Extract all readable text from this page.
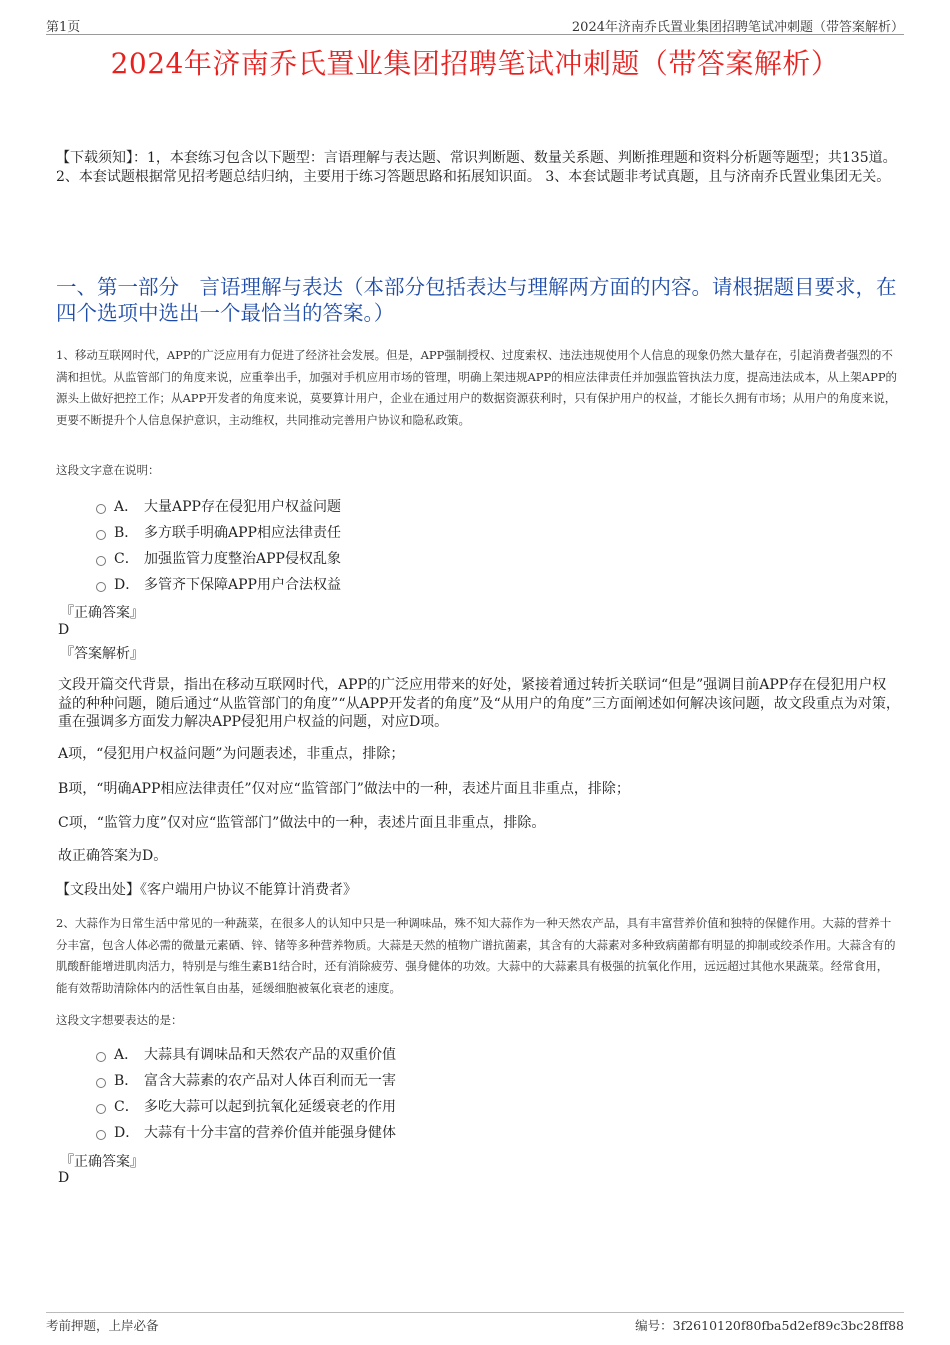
第1页	2024年济南乔氏置业集团招聘笔试冲刺题（带答案解析）
2024年济南乔氏置业集团招聘笔试冲刺题（带答案解析）
【下载须知】：1，本套练习包含以下题型：言语理解与表达题、常识判断题、数量关系题、判断推理题和资料分析题等题型；共135道。 2、本套试题根据常见招考题总结归纳，主要用于练习答题思路和拓展知识面。 3、本套试题非考试真题，且与济南乔氏置业集团无关。
一、第一部分　言语理解与表达（本部分包括表达与理解两方面的内容。请根据题目要求，在四个选项中选出一个最恰当的答案。）
1、移动互联网时代，APP的广泛应用有力促进了经济社会发展。但是，APP强制授权、过度索权、违法违规使用个人信息的现象仍然大量存在，引起消费者强烈的不满和担忧。从监管部门的角度来说，应重拳出手，加强对手机应用市场的管理，明确上架违规APP的相应法律责任并加强监管执法力度，提高违法成本，从上架APP的源头上做好把控工作；从APP开发者的角度来说，莫要算计用户，企业在通过用户的数据资源获利时，只有保护用户的权益，才能长久拥有市场；从用户的角度来说，更要不断提升个人信息保护意识，主动维权，共同推动完善用户协议和隐私政策。
这段文字意在说明：
A． 大量APP存在侵犯用户权益问题
B． 多方联手明确APP相应法律责任
C． 加强监管力度整治APP侵权乱象
D． 多管齐下保障APP用户合法权益
『正确答案』
D
『答案解析』
文段开篇交代背景，指出在移动互联网时代，APP的广泛应用带来的好处，紧接着通过转折关联词“但是”强调目前APP存在侵犯用户权益的种种问题，随后通过“从监管部门的角度”“从APP开发者的角度”及“从用户的角度”三方面阐述如何解决该问题，故文段重点为对策，重在强调多方面发力解决APP侵犯用户权益的问题，对应D项。
A项，“侵犯用户权益问题”为问题表述，非重点，排除；
B项，“明确APP相应法律责任”仅对应“监管部门”做法中的一种，表述片面且非重点，排除；
C项，“监管力度”仅对应“监管部门”做法中的一种，表述片面且非重点，排除。
故正确答案为D。
【文段出处】《客户端用户协议不能算计消费者》
2、大蒜作为日常生活中常见的一种蔬菜，在很多人的认知中只是一种调味品，殊不知大蒜作为一种天然农产品，具有丰富营养价值和独特的保健作用。大蒜的营养十分丰富，包含人体必需的微量元素硒、锌、锗等多种营养物质。大蒜是天然的植物广谱抗菌素，其含有的大蒜素对多种致病菌都有明显的抑制或绞杀作用。大蒜含有的肌酸酐能增进肌肉活力，特别是与维生素B1结合时，还有消除疲劳、强身健体的功效。大蒜中的大蒜素具有极强的抗氧化作用，远远超过其他水果蔬菜。经常食用，能有效帮助清除体内的活性氧自由基，延缓细胞被氧化衰老的速度。
这段文字想要表达的是：
A． 大蒜具有调味品和天然农产品的双重价值
B． 富含大蒜素的农产品对人体百利而无一害
C． 多吃大蒜可以起到抗氧化延缓衰老的作用
D． 大蒜有十分丰富的营养价值并能强身健体
『正确答案』
D
考前押题，上岸必备	编号：3f2610120f80fba5d2ef89c3bc28ff88
